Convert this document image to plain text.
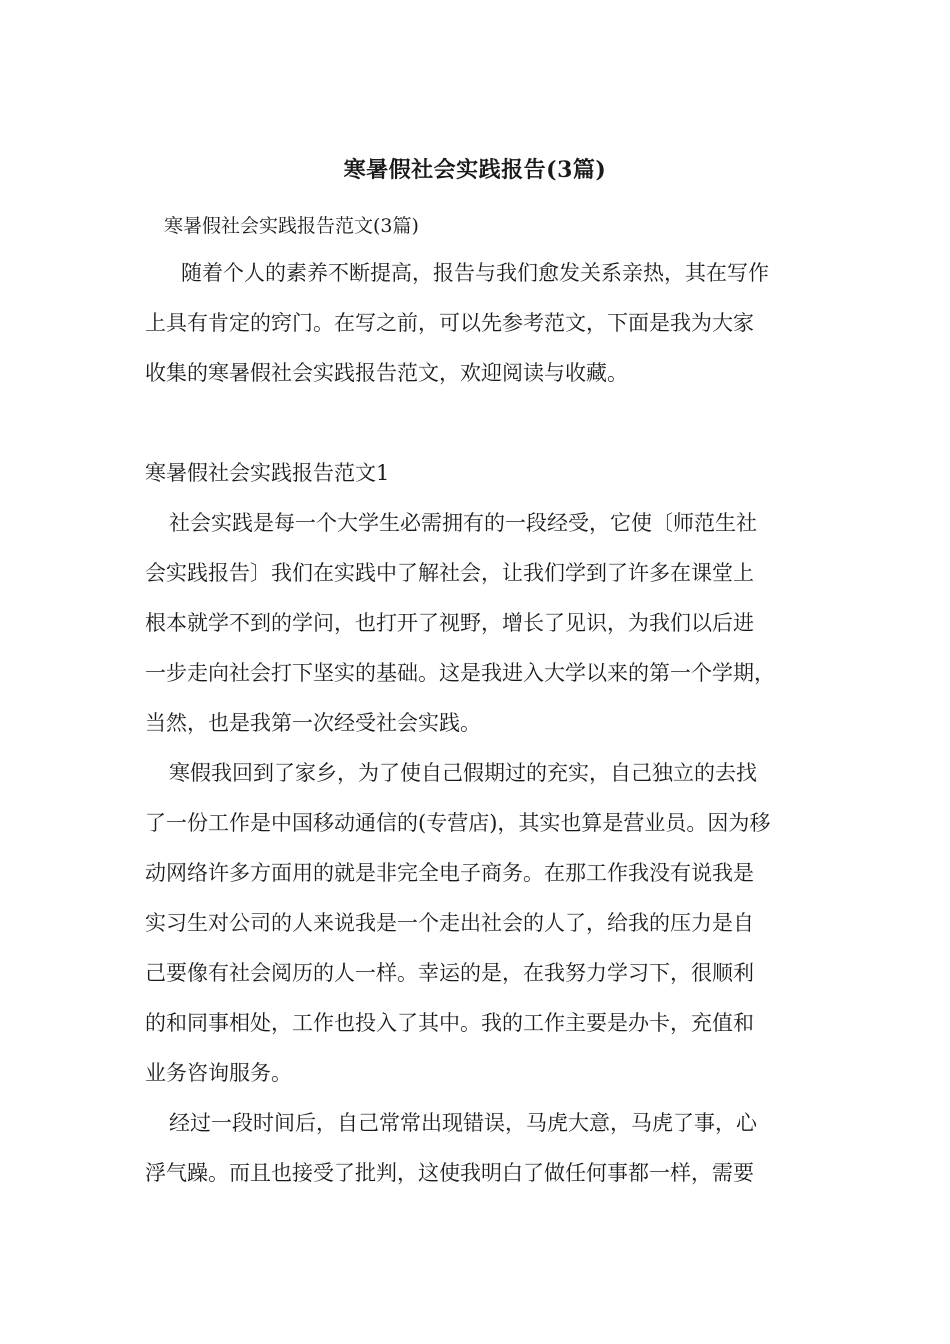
寒暑假社会实践报告(3篇)

寒暑假社会实践报告范文(3篇)

随着个人的素养不断提高，报告与我们愈发关系亲热，其在写作
上具有肯定的窍门。在写之前，可以先参考范文，下面是我为大家
收集的寒暑假社会实践报告范文，欢迎阅读与收藏。
寒暑假社会实践报告范文1
社会实践是每一个大学生必需拥有的一段经受，它使〔师范生社
会实践报告〕我们在实践中了解社会，让我们学到了许多在课堂上
根本就学不到的学问，也打开了视野，增长了见识，为我们以后进
一步走向社会打下坚实的基础。这是我进入大学以来的第一个学期，
当然，也是我第一次经受社会实践。
寒假我回到了家乡，为了使自己假期过的充实，自己独立的去找
了一份工作是中国移动通信的(专营店)，其实也算是营业员。因为移
动网络许多方面用的就是非完全电子商务。在那工作我没有说我是
实习生对公司的人来说我是一个走出社会的人了，给我的压力是自
己要像有社会阅历的人一样。幸运的是，在我努力学习下，很顺利
的和同事相处，工作也投入了其中。我的工作主要是办卡，充值和
业务咨询服务。
经过一段时间后，自己常常出现错误，马虎大意，马虎了事，心
浮气躁。而且也接受了批判，这使我明白了做任何事都一样，需要
